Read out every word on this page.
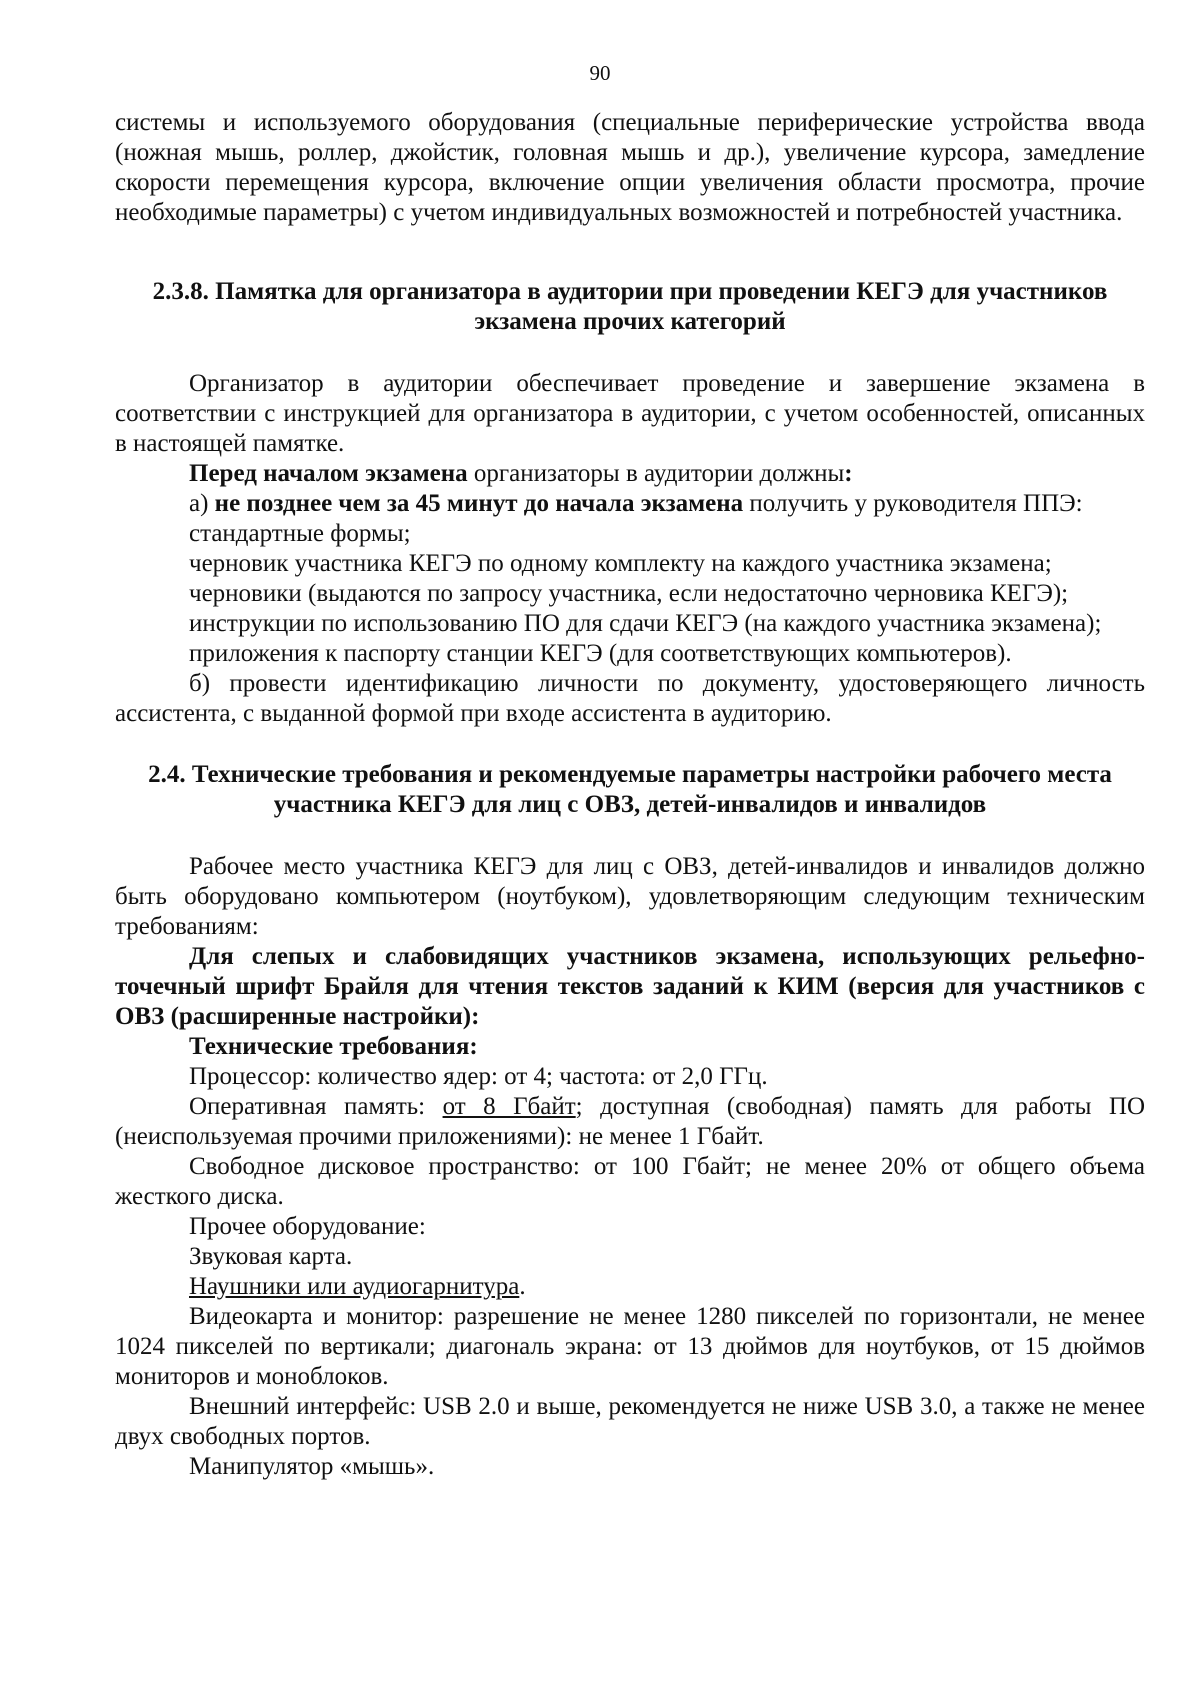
90

системы и используемого оборудования (специальные периферические устройства ввода (ножная мышь, роллер, джойстик, головная мышь и др.), увеличение курсора, замедление скорости перемещения курсора, включение опции увеличения области просмотра, прочие необходимые параметры) с учетом индивидуальных возможностей и потребностей участника.

2.3.8. Памятка для организатора в аудитории при проведении КЕГЭ для участников
экзамена прочих категорий

Организатор в аудитории обеспечивает проведение и завершение экзамена в соответствии с инструкцией для организатора в аудитории, с учетом особенностей, описанных в настоящей памятке.

Перед началом экзамена организаторы в аудитории должны:

а) не позднее чем за 45 минут до начала экзамена получить у руководителя ППЭ:

стандартные формы;

черновик участника КЕГЭ по одному комплекту на каждого участника экзамена;

черновики (выдаются по запросу участника, если недостаточно черновика КЕГЭ);

инструкции по использованию ПО для сдачи КЕГЭ (на каждого участника экзамена);

приложения к паспорту станции КЕГЭ (для соответствующих компьютеров).

б) провести идентификацию личности по документу, удостоверяющего личность ассистента, с выданной формой при входе ассистента в аудиторию.

2.4. Технические требования и рекомендуемые параметры настройки рабочего места
участника КЕГЭ для лиц с ОВЗ, детей-инвалидов и инвалидов

Рабочее место участника КЕГЭ для лиц с ОВЗ, детей-инвалидов и инвалидов должно быть оборудовано компьютером (ноутбуком), удовлетворяющим следующим техническим требованиям:

Для слепых и слабовидящих участников экзамена, использующих рельефно-точечный шрифт Брайля для чтения текстов заданий к КИМ (версия для участников с ОВЗ (расширенные настройки):

Технические требования:

Процессор: количество ядер: от 4; частота: от 2,0 ГГц.

Оперативная память: от 8 Гбайт; доступная (свободная) память для работы ПО (неиспользуемая прочими приложениями): не менее 1 Гбайт.

Свободное дисковое пространство: от 100 Гбайт; не менее 20% от общего объема жесткого диска.

Прочее оборудование:

Звуковая карта.

Наушники или аудиогарнитура.

Видеокарта и монитор: разрешение не менее 1280 пикселей по горизонтали, не менее 1024 пикселей по вертикали; диагональ экрана: от 13 дюймов для ноутбуков, от 15 дюймов мониторов и моноблоков.

Внешний интерфейс: USB 2.0 и выше, рекомендуется не ниже USB 3.0, а также не менее двух свободных портов.

Манипулятор «мышь».
